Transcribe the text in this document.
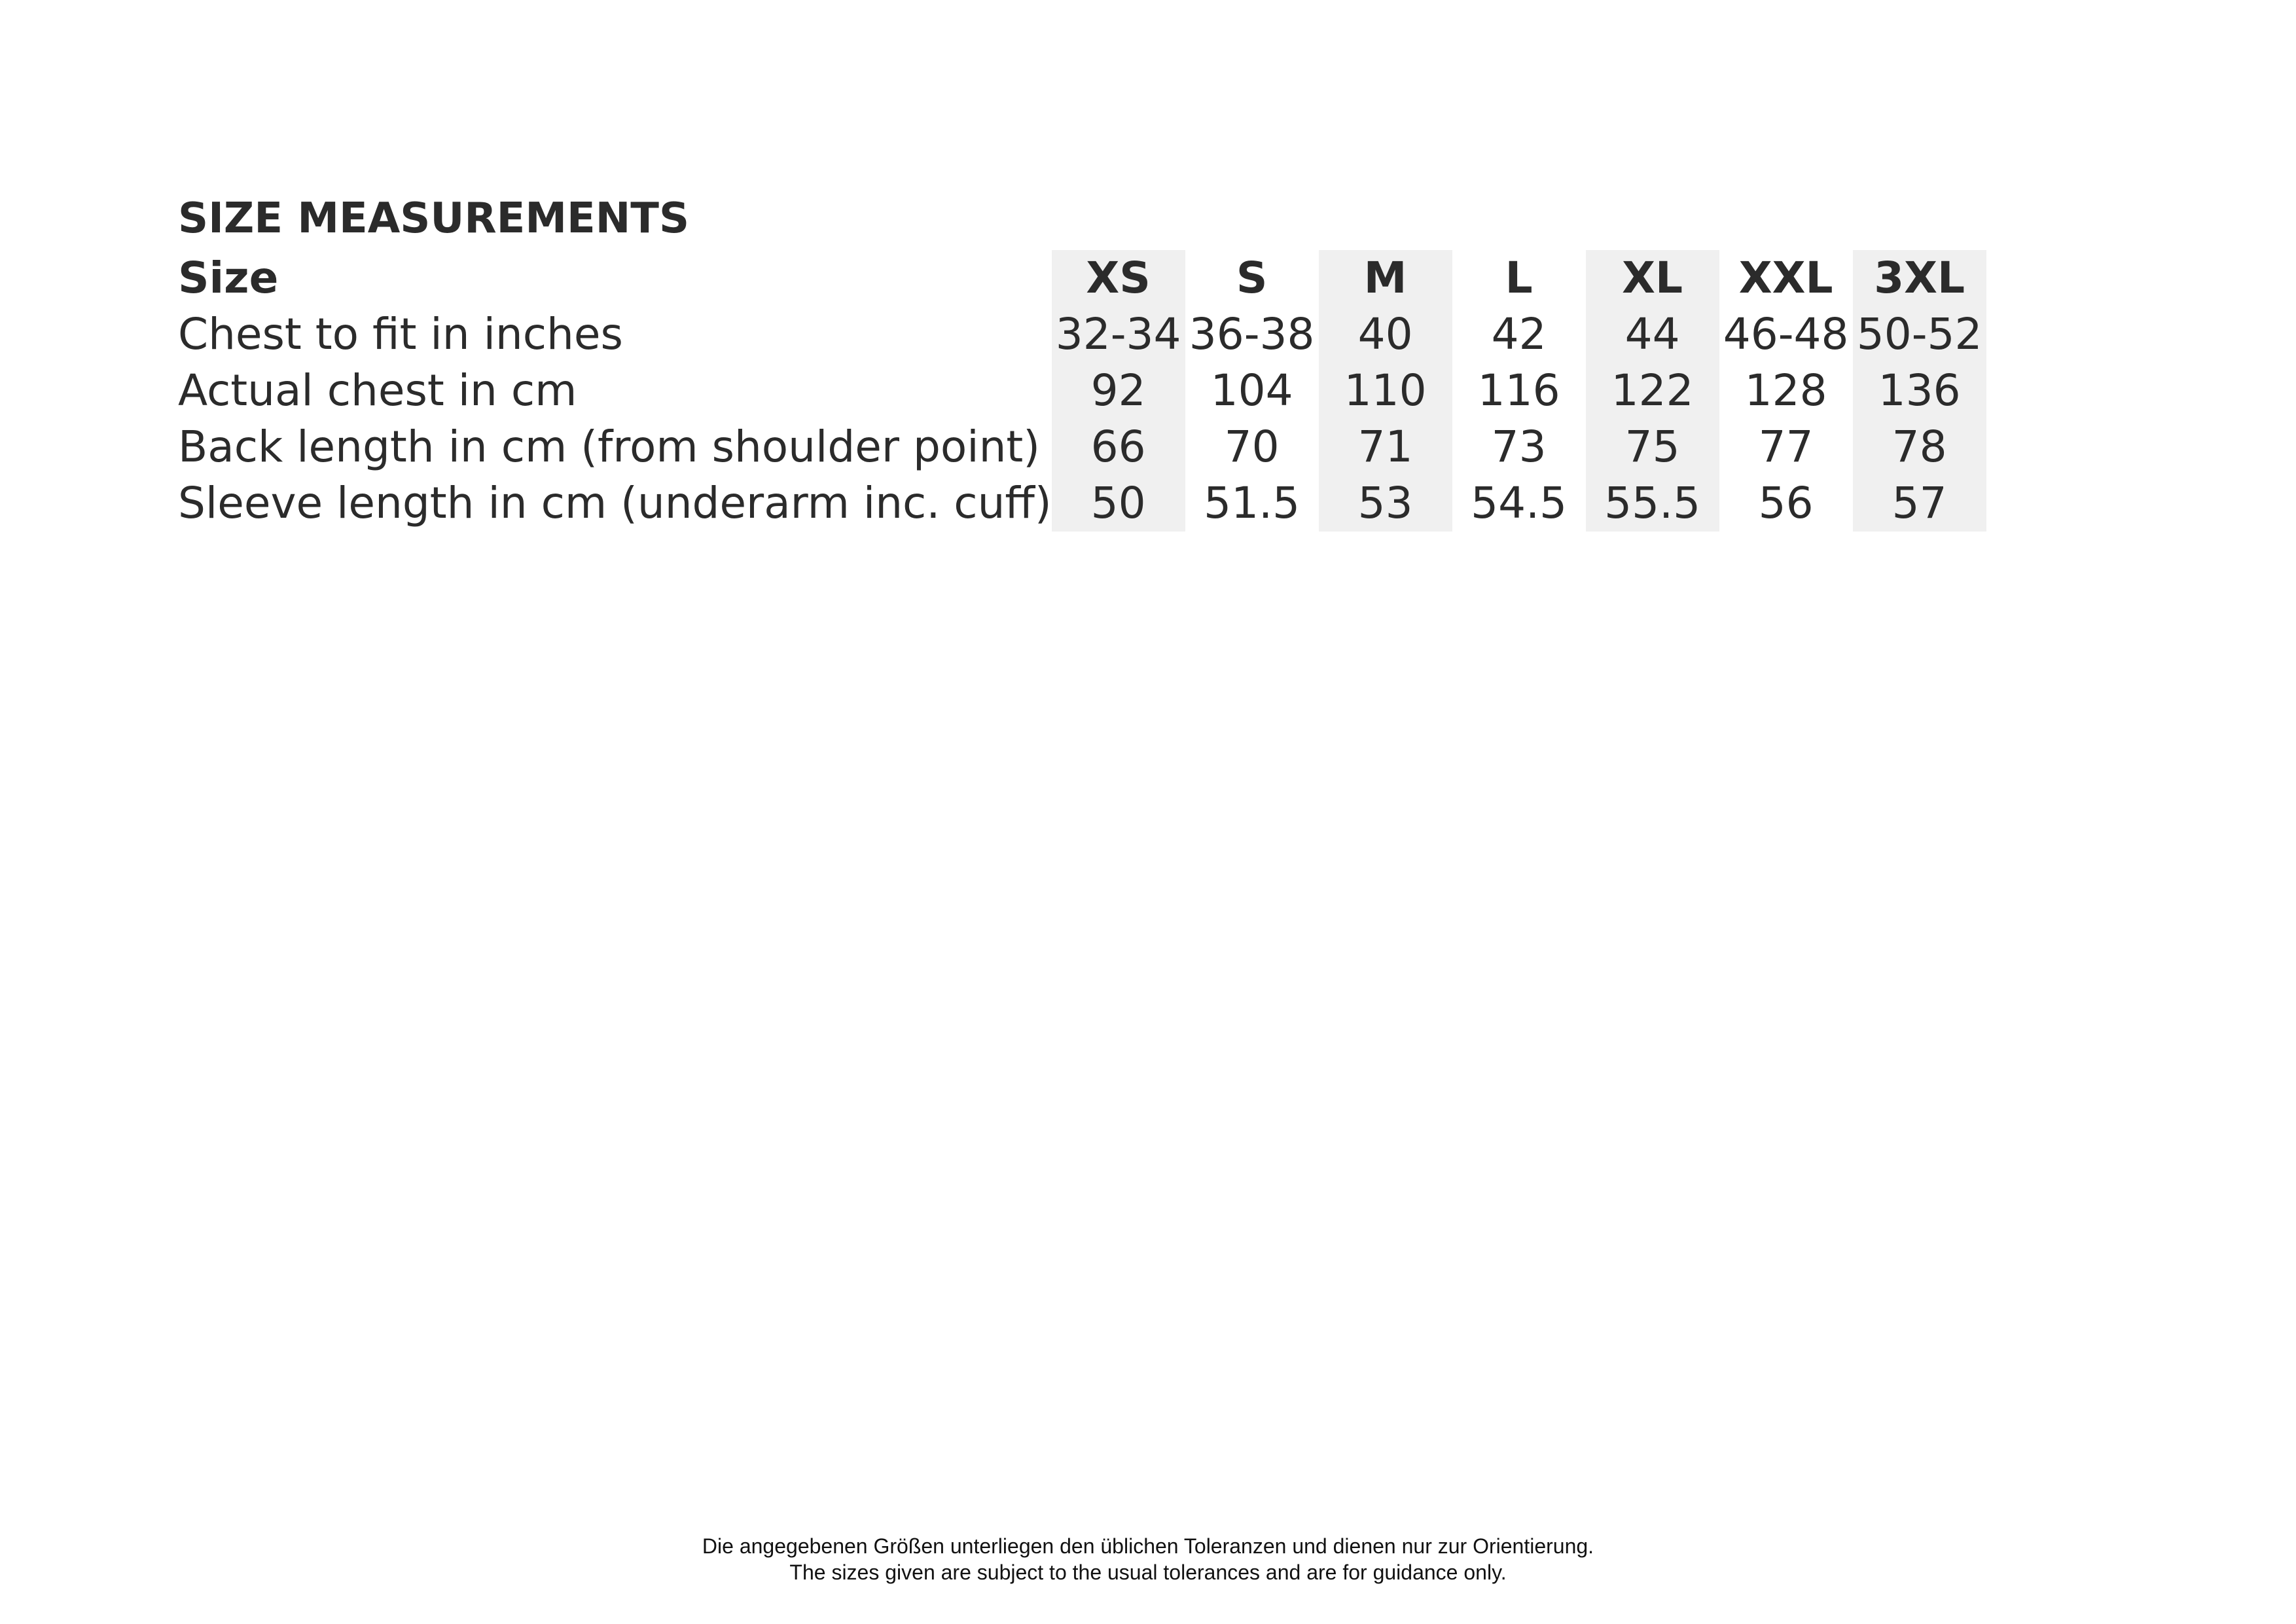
SIZE MEASUREMENTS
Size	XS	S	M	L	XL	XXL	3XL
Chest to fit in inches	32-34	36-38	40	42	44	46-48	50-52
Actual chest in cm	92	104	110	116	122	128	136
Back length in cm (from shoulder point)	66	70	71	73	75	77	78
Sleeve length in cm (underarm inc. cuff)	50	51.5	53	54.5	55.5	56	57
Die angegebenen Größen unterliegen den üblichen Toleranzen und dienen nur zur Orientierung.
The sizes given are subject to the usual tolerances and are for guidance only.
